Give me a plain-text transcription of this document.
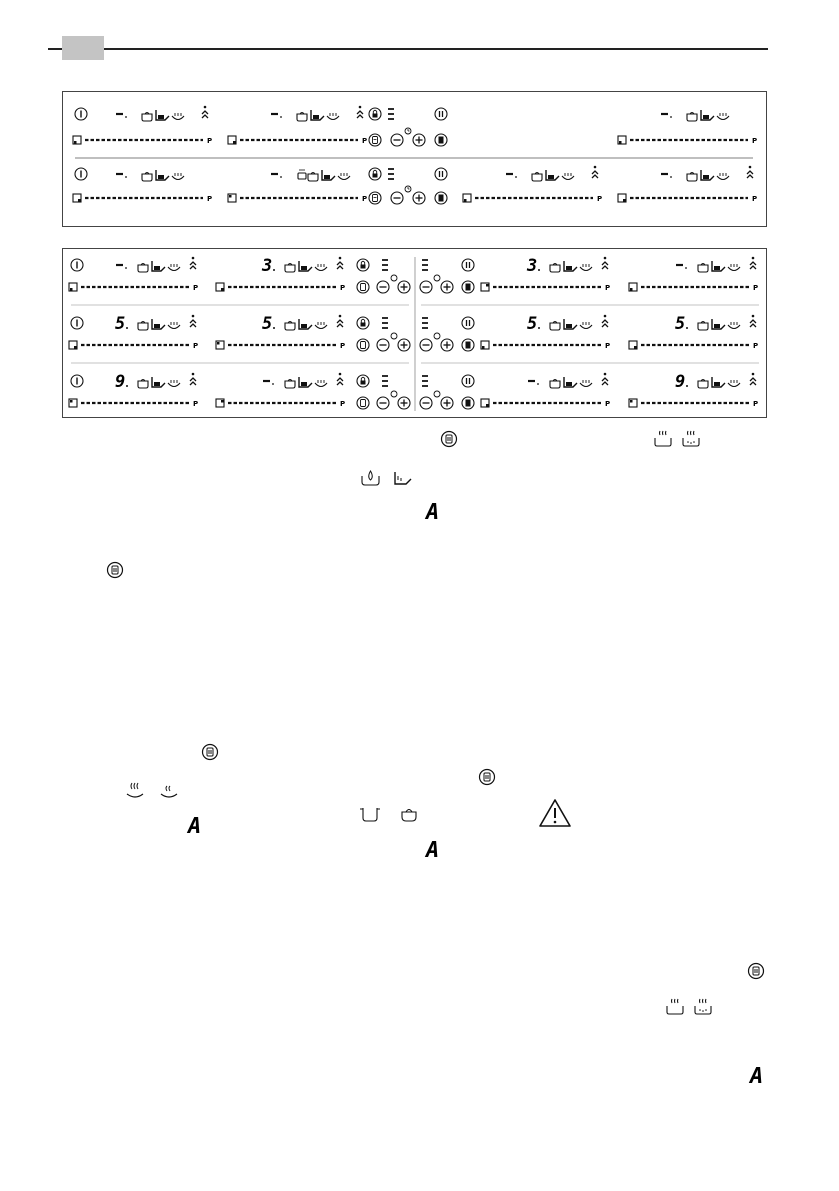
P	P	P
P	P	P	P
P
3
P
3
P	P
5
P
5
P
5
P
5
P
9
P	P	P
9
P
A
A
A
A
